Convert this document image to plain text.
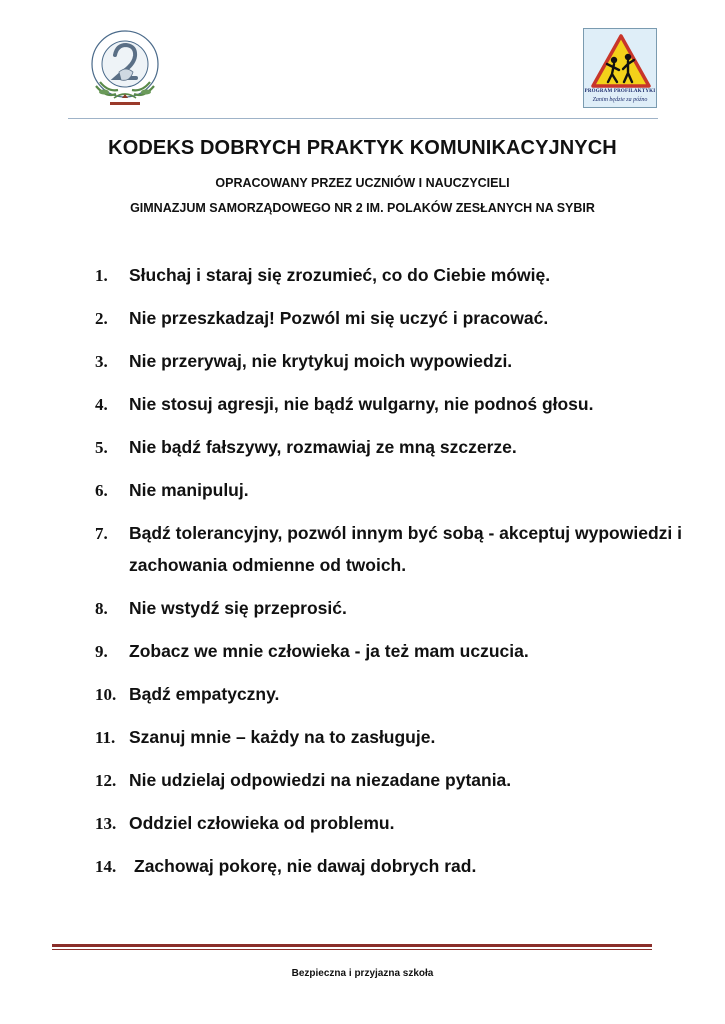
PROGRAM PROFILAKTYKI
Zanim będzie za późno
KODEKS DOBRYCH PRAKTYK KOMUNIKACYJNYCH
OPRACOWANY PRZEZ UCZNIÓW I NAUCZYCIELI
GIMNAZJUM SAMORZĄDOWEGO NR 2 IM. POLAKÓW ZESŁANYCH NA SYBIR
1.	Słuchaj i staraj się zrozumieć, co do Ciebie mówię.
2.	Nie przeszkadzaj! Pozwól mi się uczyć i pracować.
3.	Nie przerywaj, nie krytykuj moich wypowiedzi.
4.	Nie stosuj agresji, nie bądź wulgarny, nie podnoś głosu.
5.	Nie bądź fałszywy, rozmawiaj ze mną szczerze.
6.	Nie manipuluj.
7.	Bądź tolerancyjny, pozwól innym być sobą - akceptuj wypowiedzi i zachowania odmienne od twoich.
8.	Nie wstydź się przeprosić.
9.	Zobacz we mnie człowieka - ja też mam uczucia.
10. Bądź empatyczny.
11. Szanuj mnie – każdy na to zasługuje.
12. Nie udzielaj odpowiedzi na niezadane pytania.
13. Oddziel człowieka od problemu.
14.	Zachowaj pokorę, nie dawaj dobrych rad.
Bezpieczna i przyjazna szkoła
